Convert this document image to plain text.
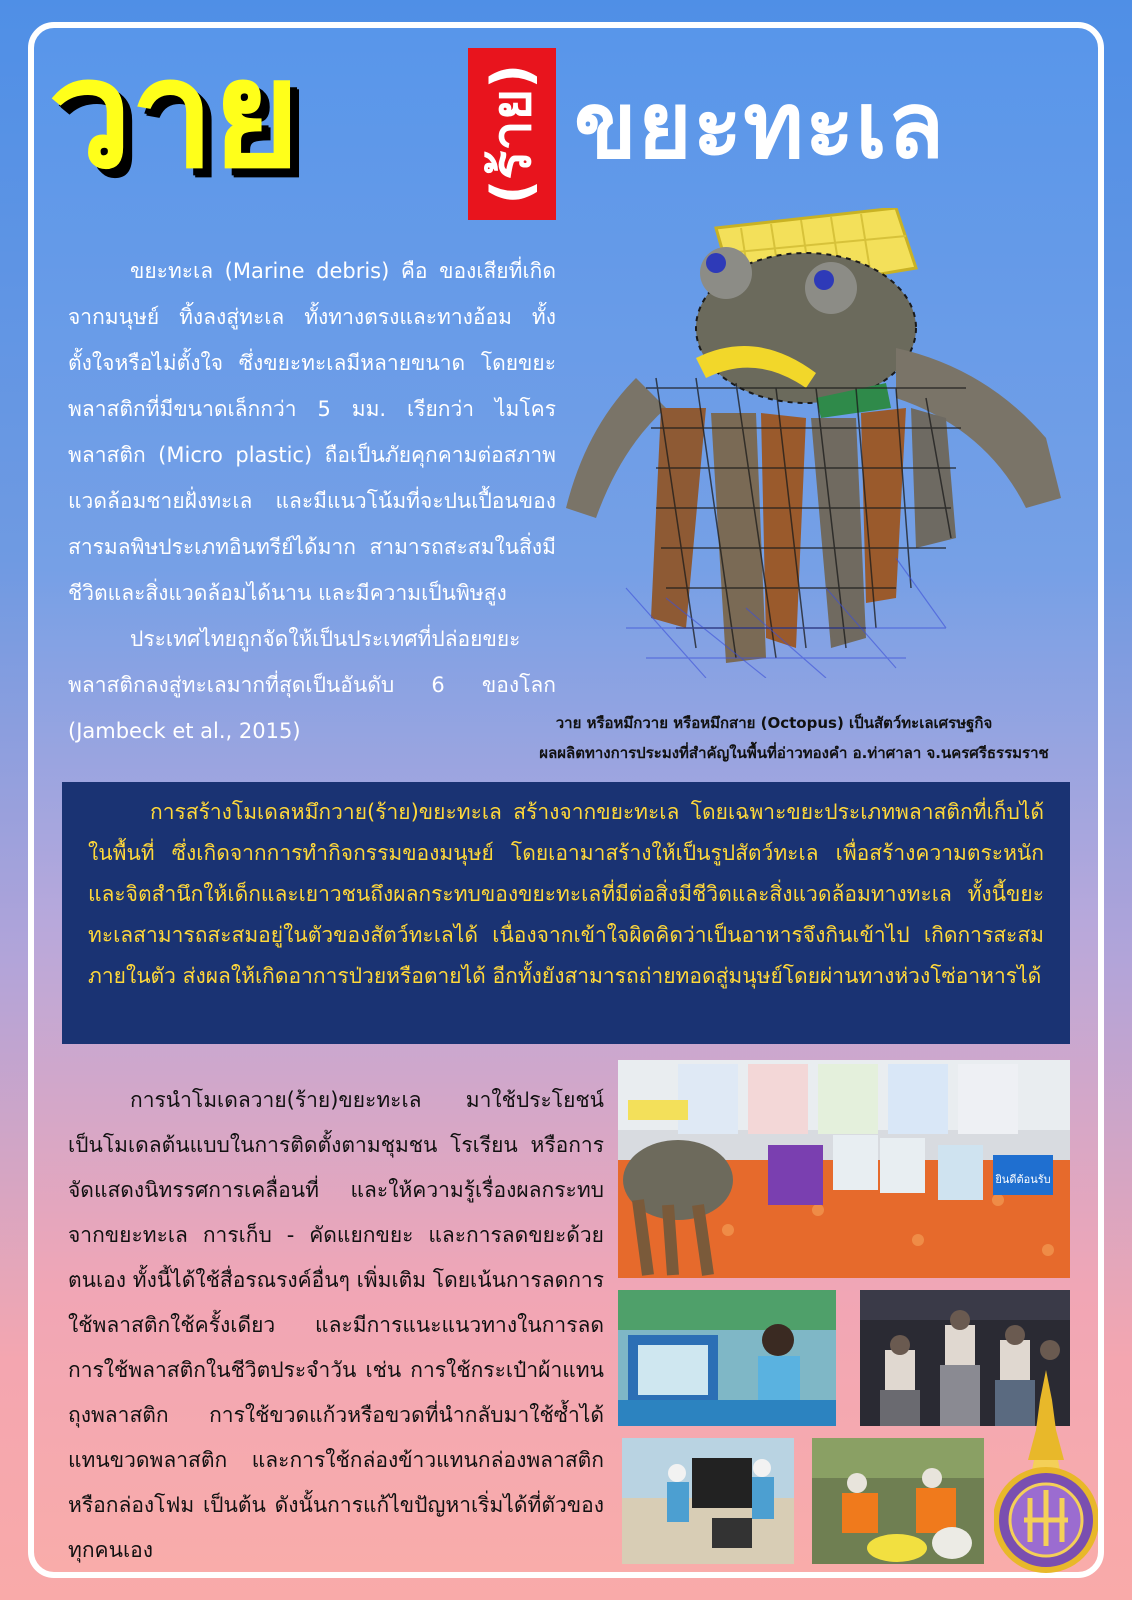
วาย	(ร้าย) ขยะทะเล

ขยะทะเล (Marine debris) คือ ของเสียที่เกิดจากมนุษย์ ทิ้งลงสู่ทะเล ทั้งทางตรงและทางอ้อม ทั้งตั้งใจหรือไม่ตั้งใจ ซึ่งขยะทะเลมีหลายขนาด โดยขยะพลาสติกที่มีขนาดเล็กกว่า 5 มม. เรียกว่า ไมโครพลาสติก (Micro plastic) ถือเป็นภัยคุกคามต่อสภาพแวดล้อมชายฝั่งทะเล และมีแนวโน้มที่จะปนเปื้อนของสารมลพิษประเภทอินทรีย์ได้มาก สามารถสะสมในสิ่งมีชีวิตและสิ่งแวดล้อมได้นาน และมีความเป็นพิษสูง

ประเทศไทยถูกจัดให้เป็นประเทศที่ปล่อยขยะพลาสติกลงสู่ทะเลมากที่สุดเป็นอันดับ 6 ของโลก (Jambeck et al., 2015)	วาย หรือหมึกวาย หรือหมึกสาย (Octopus) เป็นสัตว์ทะเลเศรษฐกิจ
ผลผลิตทางการประมงที่สำคัญในพื้นที่อ่าวทองคำ อ.ท่าศาลา จ.นครศรีธรรมราช

การสร้างโมเดลหมึกวาย(ร้าย)ขยะทะเล สร้างจากขยะทะเล โดยเฉพาะขยะประเภทพลาสติกที่เก็บได้ในพื้นที่ ซึ่งเกิดจากการทำกิจกรรมของมนุษย์ โดยเอามาสร้างให้เป็นรูปสัตว์ทะเล เพื่อสร้างความตระหนักและจิตสำนึกให้เด็กและเยาวชนถึงผลกระทบของขยะทะเลที่มีต่อสิ่งมีชีวิตและสิ่งแวดล้อมทางทะเล ทั้งนี้ขยะทะเลสามารถสะสมอยู่ในตัวของสัตว์ทะเลได้ เนื่องจากเข้าใจผิดคิดว่าเป็นอาหารจึงกินเข้าไป เกิดการสะสมภายในตัว ส่งผลให้เกิดอาการป่วยหรือตายได้ อีกทั้งยังสามารถถ่ายทอดสู่มนุษย์โดยผ่านทางห่วงโซ่อาหารได้

การนำโมเดลวาย(ร้าย)ขยะทะเล มาใช้ประโยชน์ เป็นโมเดลต้นแบบในการติดตั้งตามชุมชน โรเรียน หรือการจัดแสดงนิทรรศการเคลื่อนที่ และให้ความรู้เรื่องผลกระทบจากขยะทะเล การเก็บ - คัดแยกขยะ และการลดขยะด้วยตนเอง ทั้งนี้ได้ใช้สื่อรณรงค์อื่นๆ เพิ่มเติม โดยเน้นการลดการใช้พลาสติกใช้ครั้งเดียว และมีการแนะแนวทางในการลดการใช้พลาสติกในชีวิตประจำวัน เช่น การใช้กระเป๋าผ้าแทนถุงพลาสติก การใช้ขวดแก้วหรือขวดที่นำกลับมาใช้ซ้ำได้แทนขวดพลาสติก และการใช้กล่องข้าวแทนกล่องพลาสติกหรือกล่องโฟม เป็นต้น ดังนั้นการแก้ไขปัญหาเริ่มได้ที่ตัวของทุกคนเอง

ยินดีต้อนรับ
